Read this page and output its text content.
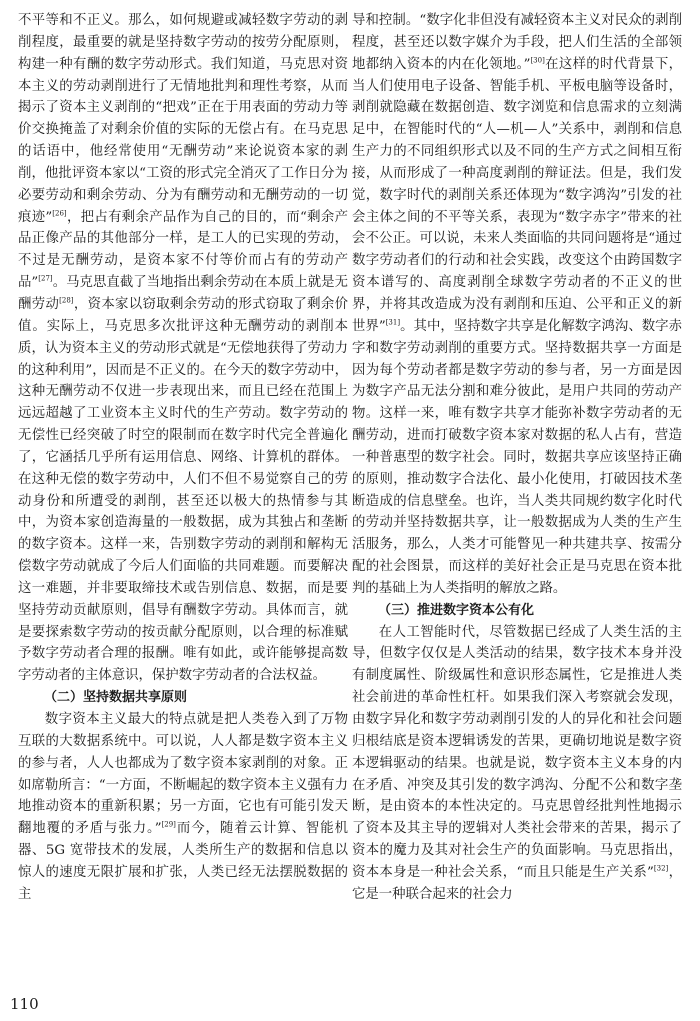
不平等和不正义。那么，如何规避或减轻数字劳动的剥削程度，最重要的就是坚持数字劳动的按劳分配原则，构建一种有酬的数字劳动形式。我们知道，马克思对资本主义的劳动剥削进行了无情地批判和理性考察，从而揭示了资本主义剥削的“把戏”正在于用表面的劳动力等价交换掩盖了对剩余价值的实际的无偿占有。在马克思的话语中，他经常使用“无酬劳动”来论说资本家的剥削，他批评资本家以“工资的形式完全消灭了工作日分为必要劳动和剩余劳动、分为有酬劳动和无酬劳动的一切痕迹”[26]，把占有剩余产品作为自己的目的，而“剩余产品正像产品的其他部分一样，是工人的已实现的劳动，不过是无酬劳动，是资本家不付等价而占有的劳动产品”[27]。马克思直截了当地指出剩余劳动在本质上就是无酬劳动[28]，资本家以窃取剩余劳动的形式窃取了剩余价值。实际上，马克思多次批评这种无酬劳动的剥削本质，认为资本主义的劳动形式就是“无偿地获得了劳动力的这种利用”，因而是不正义的。在今天的数字劳动中，这种无酬劳动不仅进一步表现出来，而且已经在范围上远远超越了工业资本主义时代的生产劳动。数字劳动的无偿性已经突破了时空的限制而在数字时代完全普遍化了，它涵括几乎所有运用信息、网络、计算机的群体。在这种无偿的数字劳动中，人们不但不易觉察自己的劳动身份和所遭受的剥削，甚至还以极大的热情参与其中，为资本家创造海量的一般数据，成为其独占和垄断的数字资本。这样一来，告别数字劳动的剥削和解构无偿数字劳动就成了今后人们面临的共同难题。而要解决这一难题，并非要取缔技术或告别信息、数据，而是要坚持劳动贡献原则，倡导有酬数字劳动。具体而言，就是要探索数字劳动的按贡献分配原则，以合理的标准赋予数字劳动者合理的报酬。唯有如此，或许能够提高数字劳动者的主体意识，保护数字劳动者的合法权益。

（二）坚持数据共享原则

数字资本主义最大的特点就是把人类卷入到了万物互联的大数据系统中。可以说，人人都是数字资本主义的参与者，人人也都成为了数字资本家剥削的对象。正如席勒所言：“一方面，不断崛起的数字资本主义强有力地推动资本的重新积累；另一方面，它也有可能引发天翻地覆的矛盾与张力。”[29]而今，随着云计算、智能机器、5G 宽带技术的发展，人类所生产的数据和信息以惊人的速度无限扩展和扩张，人类已经无法摆脱数据的主

导和控制。“数字化非但没有减轻资本主义对民众的剥削程度，甚至还以数字媒介为手段，把人们生活的全部领地都纳入资本的内在化领地。”[30]在这样的时代背景下，当人们使用电子设备、智能手机、平板电脑等设备时，剥削就隐藏在数据创造、数字浏览和信息需求的立刻满足中，在智能时代的“人—机—人”关系中，剥削和信息生产力的不同组织形式以及不同的生产方式之间相互衔接，从而形成了一种高度剥削的辩证法。但是，我们发觉，数字时代的剥削关系还体现为“数字鸿沟”引发的社会主体之间的不平等关系，表现为“数字赤字”带来的社会不公正。可以说，未来人类面临的共同问题将是“通过数字劳动者们的行动和社会实践，改变这个由跨国数字资本谱写的、高度剥削全球数字劳动者的不正义的世界，并将其改造成为没有剥削和压迫、公平和正义的新世界”[31]。其中，坚持数字共享是化解数字鸿沟、数字赤字和数字劳动剥削的重要方式。坚持数据共享一方面是因为每个劳动者都是数字劳动的参与者，另一方面是因为数字产品无法分割和难分彼此，是用户共同的劳动产物。这样一来，唯有数字共享才能弥补数字劳动者的无酬劳动，进而打破数字资本家对数据的私人占有，营造一种普惠型的数字社会。同时，数据共享应该坚持正确的原则，推动数字合法化、最小化使用，打破因技术垄断造成的信息壁垒。也许，当人类共同规约数字化时代的劳动并坚持数据共享，让一般数据成为人类的生产生活服务，那么，人类才可能瞥见一种共建共享、按需分配的社会图景，而这样的美好社会正是马克思在资本批判的基础上为人类指明的解放之路。

（三）推进数字资本公有化

在人工智能时代，尽管数据已经成了人类生活的主导，但数字仅仅是人类活动的结果，数字技术本身并没有制度属性、阶级属性和意识形态属性，它是推进人类社会前进的革命性杠杆。如果我们深入考察就会发现，由数字异化和数字劳动剥削引发的人的异化和社会问题归根结底是资本逻辑诱发的苦果，更确切地说是数字资本逻辑驱动的结果。也就是说，数字资本主义本身的内在矛盾、冲突及其引发的数字鸿沟、分配不公和数字垄断，是由资本的本性决定的。马克思曾经批判性地揭示了资本及其主导的逻辑对人类社会带来的苦果，揭示了资本的魔力及其对社会生产的负面影响。马克思指出，资本本身是一种社会关系，“而且只能是生产关系”[32]，它是一种联合起来的社会力

110
